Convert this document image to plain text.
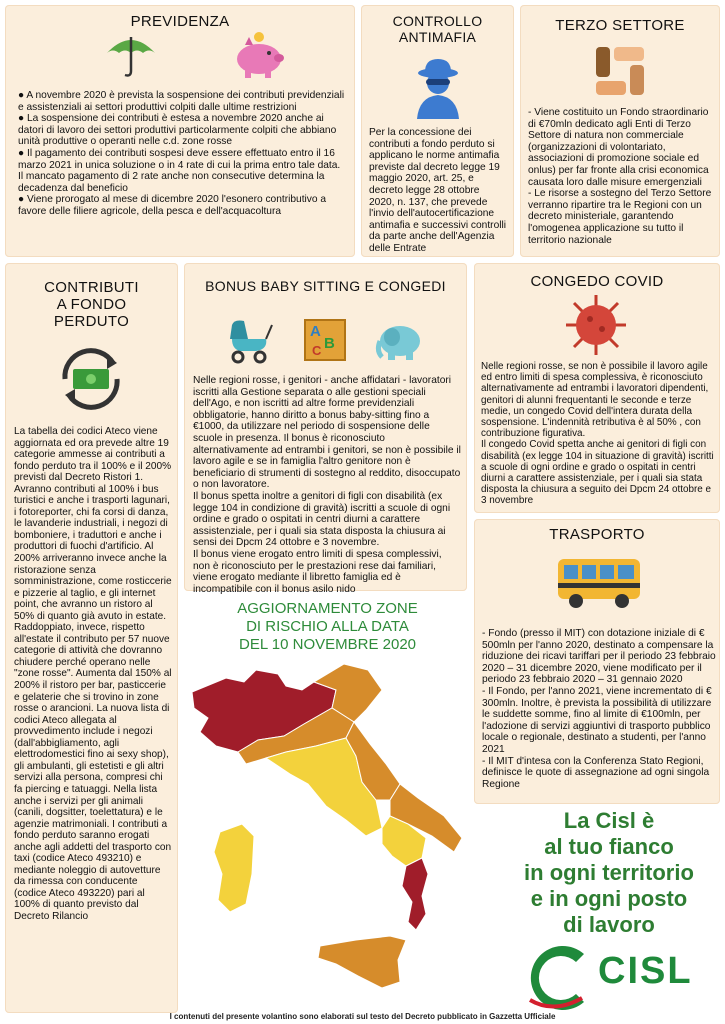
PREVIDENZA
● A novembre 2020 è prevista la sospensione dei contributi previdenziali e assistenziali ai settori produttivi colpiti dalle ultime restrizioni
● La sospensione dei contributi è estesa a novembre 2020 anche ai datori di lavoro dei settori produttivi particolarmente colpiti che abbiano unità produttive o operanti nelle c.d. zone rosse
● Il pagamento dei contributi sospesi deve essere effettuato entro il 16 marzo 2021 in unica soluzione o in 4 rate di cui la prima entro tale data. Il mancato pagamento di 2 rate anche non consecutive determina la decadenza dal beneficio
● Viene prorogato al mese di dicembre 2020 l'esonero contributivo a favore delle filiere agricole, della pesca e dell'acquacoltura
CONTROLLO
ANTIMAFIA
Per la concessione dei contributi a fondo perduto si applicano le norme antimafia previste dal decreto legge 19 maggio 2020, art. 25, e decreto legge 28 ottobre 2020, n. 137, che prevede l'invio dell'autocertificazione antimafia e successivi controlli da parte anche dell'Agenzia delle Entrate
TERZO SETTORE
- Viene costituito un Fondo straordinario di €70mln dedicato agli Enti di Terzo Settore di natura non commerciale (organizzazioni di volontariato, associazioni di promozione sociale ed onlus) per far fronte alla crisi economica causata loro dalle misure emergenziali
- Le risorse a sostegno del Terzo Settore verranno ripartire tra le Regioni con un decreto ministeriale, garantendo l'omogenea applicazione su tutto il territorio nazionale
CONTRIBUTI
A FONDO
PERDUTO
La tabella dei codici Ateco viene aggiornata ed ora prevede altre 19 categorie ammesse ai contributi a fondo perduto tra il 100% e il 200% previsti dal Decreto Ristori 1. Avranno contributi al 100% i bus turistici e anche i trasporti lagunari, i fotoreporter, chi fa corsi di danza, le lavanderie industriali, i negozi di bomboniere, i traduttori e anche i produttori di fuochi d'artificio. Al 200% arriveranno invece anche la ristorazione senza somministrazione, come rosticcerie e pizzerie al taglio, e gli internet point, che avranno un ristoro al 50% di quanto già avuto in estate. Raddoppiato, invece, rispetto all'estate il contributo per 57 nuove categorie di attività che dovranno chiudere perché operano nelle "zone rosse". Aumenta dal 150% al 200% il ristoro per bar, pasticcerie e gelaterie che si trovino in zone rosse o arancioni. La nuova lista di codici Ateco allegata al provvedimento include i negozi (dall'abbigliamento, agli elettrodomestici fino ai sexy shop), gli ambulanti, gli estetisti e gli altri servizi alla persona, compresi chi fa piercing e tatuaggi. Nella lista anche i servizi per gli animali (canili, dogsitter, toelettatura) e le agenzie matrimoniali. I contributi a fondo perduto saranno erogati anche agli addetti del trasporto con taxi (codice Ateco 493210) e mediante noleggio di autovetture da rimessa con conducente (codice Ateco 493220) pari al 100% di quanto previsto dal Decreto Rilancio
BONUS BABY SITTING E CONGEDI
A
B
C
Nelle regioni rosse, i genitori - anche affidatari - lavoratori iscritti alla Gestione separata o alle gestioni speciali dell'Ago, e non iscritti ad altre forme previdenziali obbligatorie, hanno diritto a bonus baby-sitting fino a €1000, da utilizzare nel periodo di sospensione delle scuole in presenza. Il bonus è riconosciuto alternativamente ad entrambi i genitori, se non è possibile il lavoro agile e se in famiglia l'altro genitore non è beneficiario di strumenti di sostegno al reddito, disoccupato o non lavoratore.
Il bonus spetta inoltre a genitori di figli con disabilità (ex legge 104 in condizione di gravità) iscritti a scuole di ogni ordine e grado o ospitati in centri diurni a carattere assistenziale, per i quali sia stata disposta la chiusura ai sensi dei Dpcm 24 ottobre e 3 novembre.
Il bonus viene erogato entro limiti di spesa complessivi, non è riconosciuto per le prestazioni rese dai familiari, viene erogato mediante il libretto famiglia ed è incompatibile con il bonus asilo nido
CONGEDO COVID
Nelle regioni rosse, se non è possibile il lavoro agile ed entro limiti di spesa complessiva, è riconosciuto alternativamente ad entrambi i lavoratori dipendenti, genitori di alunni frequentanti le seconde e terze medie, un congedo Covid dell'intera durata della sospensione. L'indennità retributiva è al 50% , con contribuzione figurativa.
Il congedo Covid spetta anche ai genitori di figli con disabilità (ex legge 104 in situazione di gravità) iscritti a scuole di ogni ordine e grado o ospitati in centri diurni a carattere assistenziale, per i quali sia stata disposta la chiusura a seguito dei Dpcm 24 ottobre e 3 novembre
AGGIORNAMENTO ZONE
DI RISCHIO ALLA DATA
DEL 10 NOVEMBRE 2020
TRASPORTO
- Fondo (presso il MIT) con dotazione iniziale di € 500mln per l'anno 2020, destinato a compensare la riduzione dei ricavi tariffari per il periodo 23 febbraio 2020 – 31 dicembre 2020, viene modificato per il periodo 23 febbraio 2020 – 31 gennaio 2020
- Il Fondo, per l'anno 2021, viene incrementato di € 300mln. Inoltre, è prevista la possibilità di utilizzare le suddette somme, fino al limite di €100mln, per l'adozione di servizi aggiuntivi di trasporto pubblico locale o regionale, destinato a studenti, per l'anno 2021
- Il MIT d'intesa con la Conferenza Stato Regioni, definisce le quote di assegnazione ad ogni singola Regione
La Cisl è
al tuo fianco
in ogni territorio
e in ogni posto
di lavoro
CISL
I contenuti del presente volantino sono elaborati sul testo del Decreto pubblicato in Gazzetta Ufficiale
